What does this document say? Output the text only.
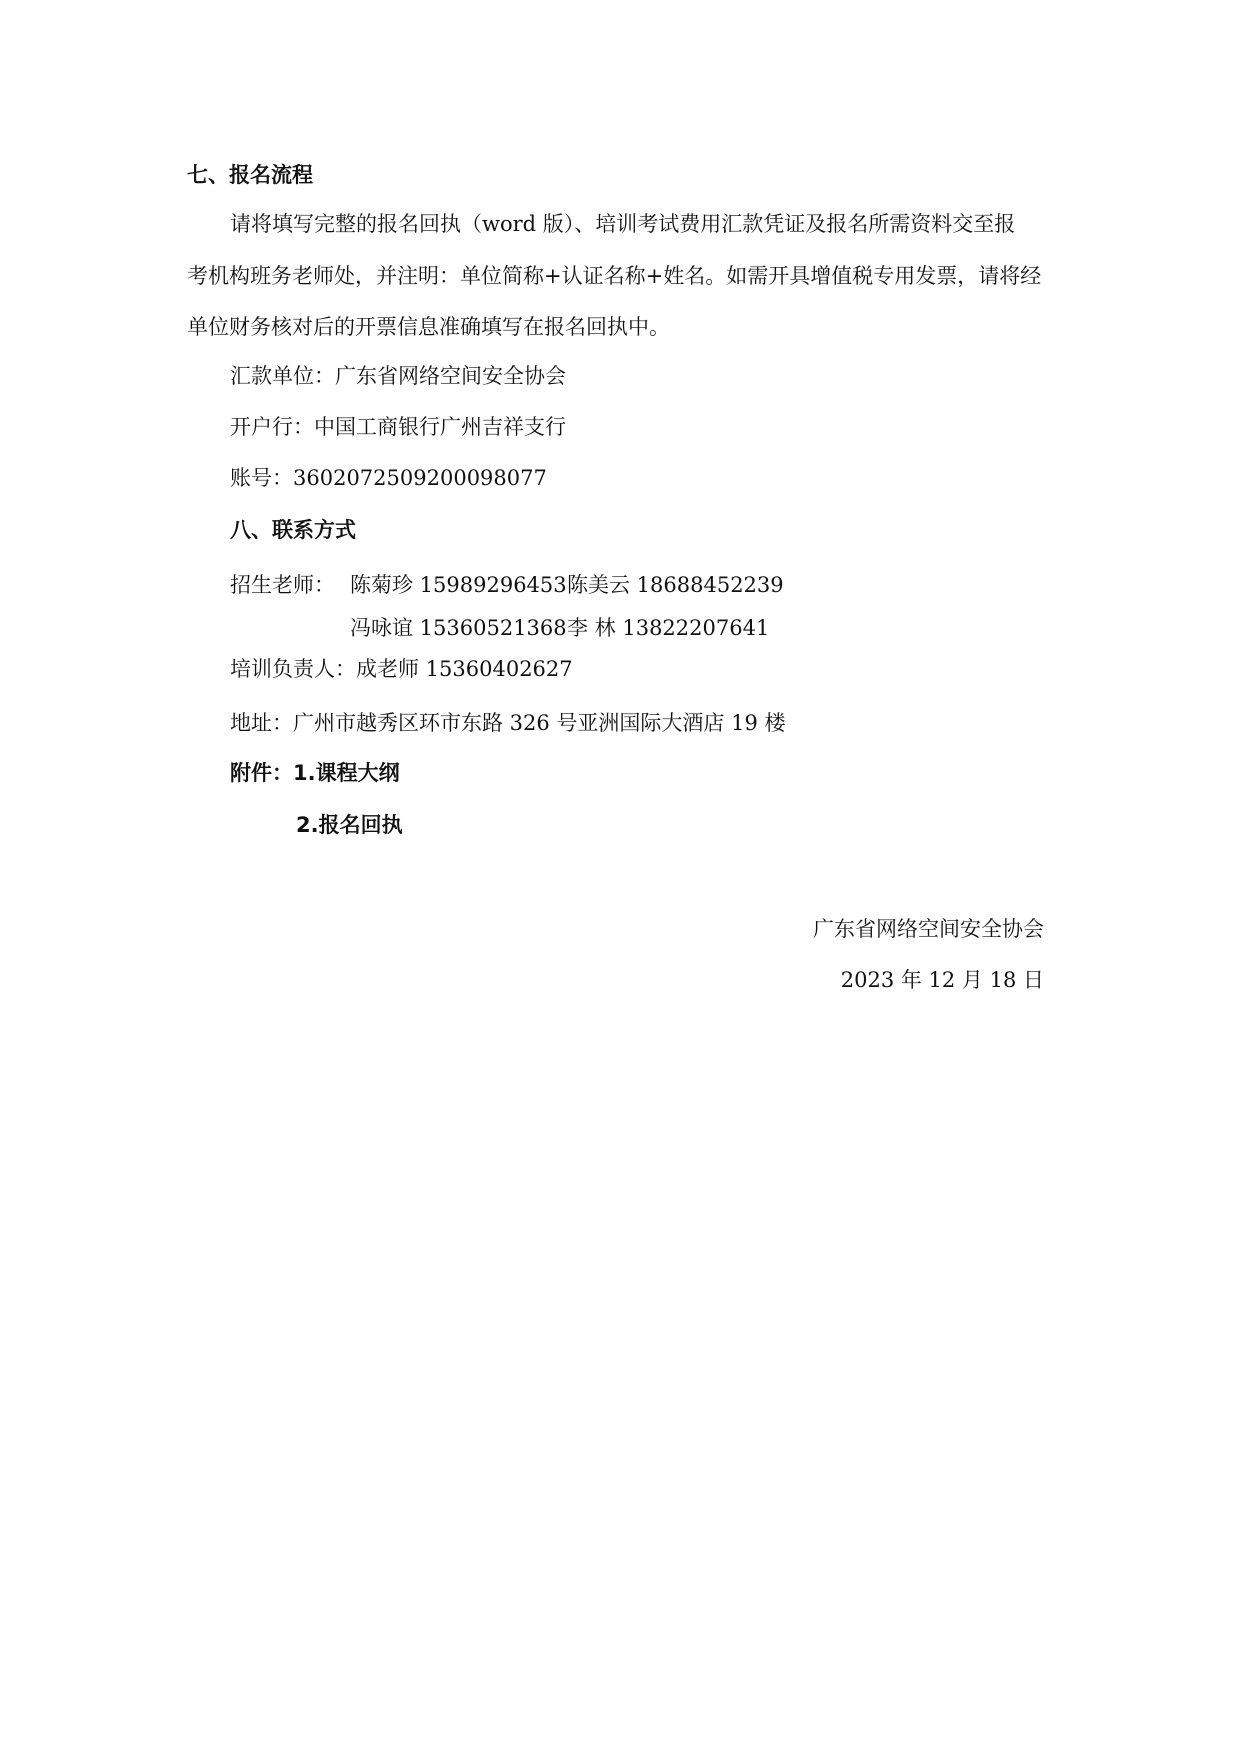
七、报名流程
请将填写完整的报名回执（word 版）、培训考试费用汇款凭证及报名所需资料交至报
考机构班务老师处，并注明：单位简称+认证名称+姓名。如需开具增值税专用发票，请将经
单位财务核对后的开票信息准确填写在报名回执中。
汇款单位：广东省网络空间安全协会
开户行：中国工商银行广州吉祥支行
账号：3602072509200098077
八、联系方式
招生老师： 陈菊珍 15989296453 陈美云 18688452239
冯咏谊 15360521368 李 林 13822207641
培训负责人：成老师 15360402627
地址：广州市越秀区环市东路 326 号亚洲国际大酒店 19 楼
附件：1.课程大纲
2.报名回执
广东省网络空间安全协会
2023 年 12 月 18 日
